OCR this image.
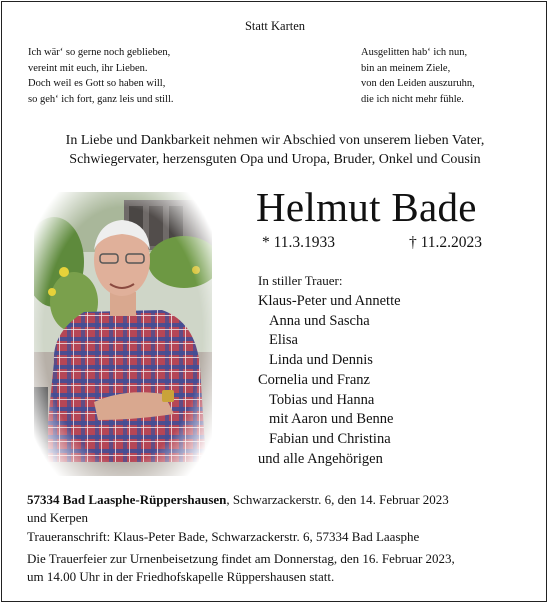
Statt Karten
Ich wär‘ so gerne noch geblieben,
vereint mit euch, ihr Lieben.
Doch weil es Gott so haben will,
so geh‘ ich fort, ganz leis und still.
Ausgelitten hab‘ ich nun,
bin an meinem Ziele,
von den Leiden auszuruhn,
die ich nicht mehr fühle.
In Liebe und Dankbarkeit nehmen wir Abschied von unserem lieben Vater,
Schwiegervater, herzensguten Opa und Uropa, Bruder, Onkel und Cousin
Helmut Bade
* 11.3.1933	† 11.2.2023
In stiller Trauer:
Klaus-Peter und Annette
Anna und Sascha
Elisa
Linda und Dennis
Cornelia und Franz
Tobias und Hanna
mit Aaron und Benne
Fabian und Christina
und alle Angehörigen
57334 Bad Laasphe-Rüppershausen, Schwarzackerstr. 6, den 14. Februar 2023
und Kerpen
Traueranschrift: Klaus-Peter Bade, Schwarzackerstr. 6, 57334 Bad Laasphe
Die Trauerfeier zur Urnenbeisetzung findet am Donnerstag, den 16. Februar 2023,
um 14.00 Uhr in der Friedhofskapelle Rüppershausen statt.
